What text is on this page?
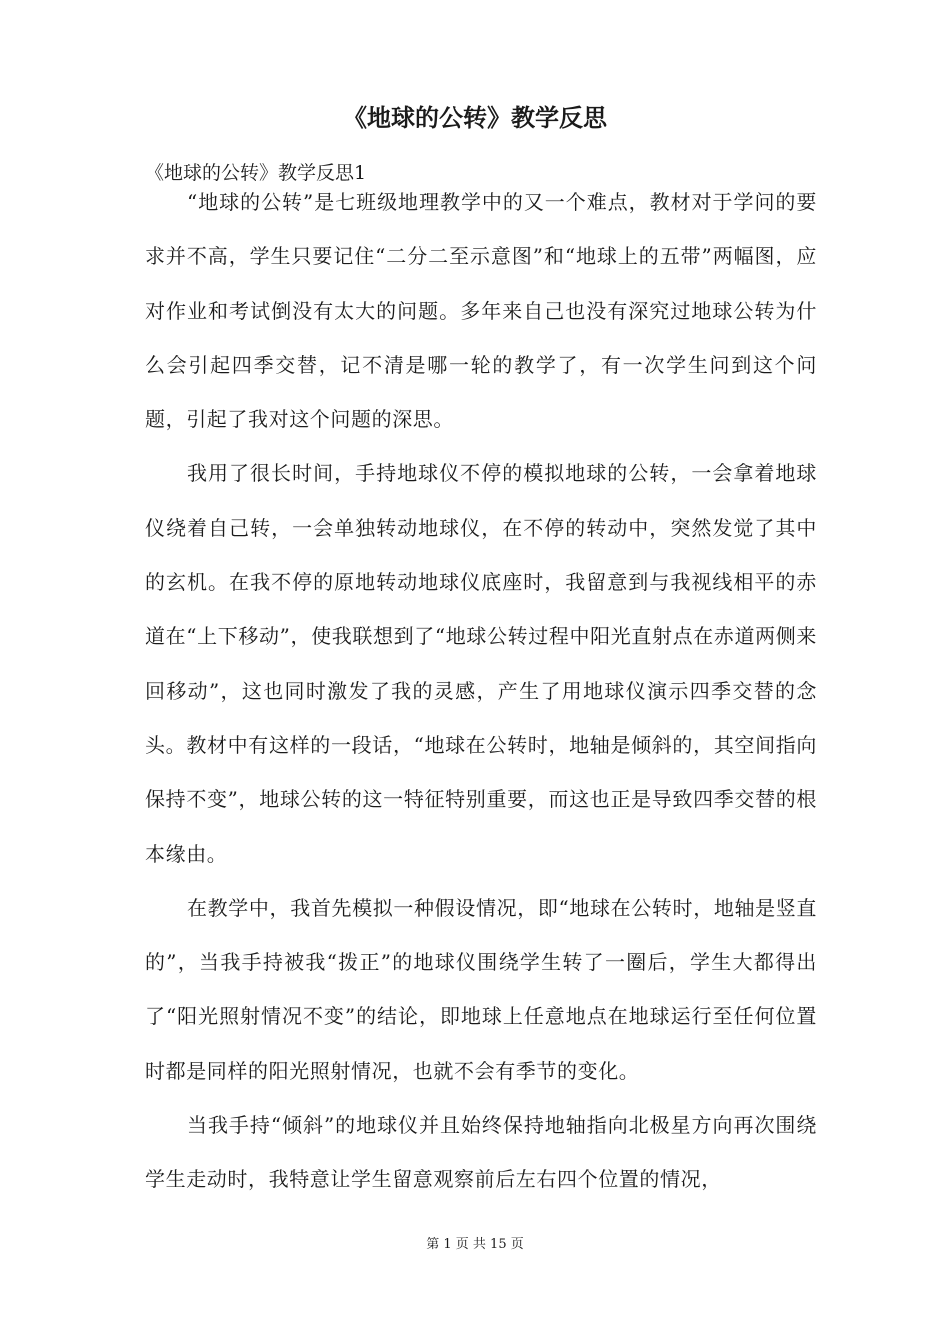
《地球的公转》教学反思

《地球的公转》教学反思1

“地球的公转”是七班级地理教学中的又一个难点，教材对于学问的要求并不高，学生只要记住“二分二至示意图”和“地球上的五带”两幅图，应对作业和考试倒没有太大的问题。多年来自己也没有深究过地球公转为什么会引起四季交替，记不清是哪一轮的教学了，有一次学生问到这个问题，引起了我对这个问题的深思。

我用了很长时间，手持地球仪不停的模拟地球的公转，一会拿着地球仪绕着自己转，一会单独转动地球仪，在不停的转动中，突然发觉了其中的玄机。在我不停的原地转动地球仪底座时，我留意到与我视线相平的赤道在“上下移动”，使我联想到了“地球公转过程中阳光直射点在赤道两侧来回移动”，这也同时激发了我的灵感，产生了用地球仪演示四季交替的念头。教材中有这样的一段话，“地球在公转时，地轴是倾斜的，其空间指向保持不变”，地球公转的这一特征特别重要，而这也正是导致四季交替的根本缘由。

在教学中，我首先模拟一种假设情况，即“地球在公转时，地轴是竖直的”，当我手持被我“拨正”的地球仪围绕学生转了一圈后，学生大都得出了“阳光照射情况不变”的结论，即地球上任意地点在地球运行至任何位置时都是同样的阳光照射情况，也就不会有季节的变化。

当我手持“倾斜”的地球仪并且始终保持地轴指向北极星方向再次围绕学生走动时，我特意让学生留意观察前后左右四个位置的情况，

第 1 页 共 15 页
